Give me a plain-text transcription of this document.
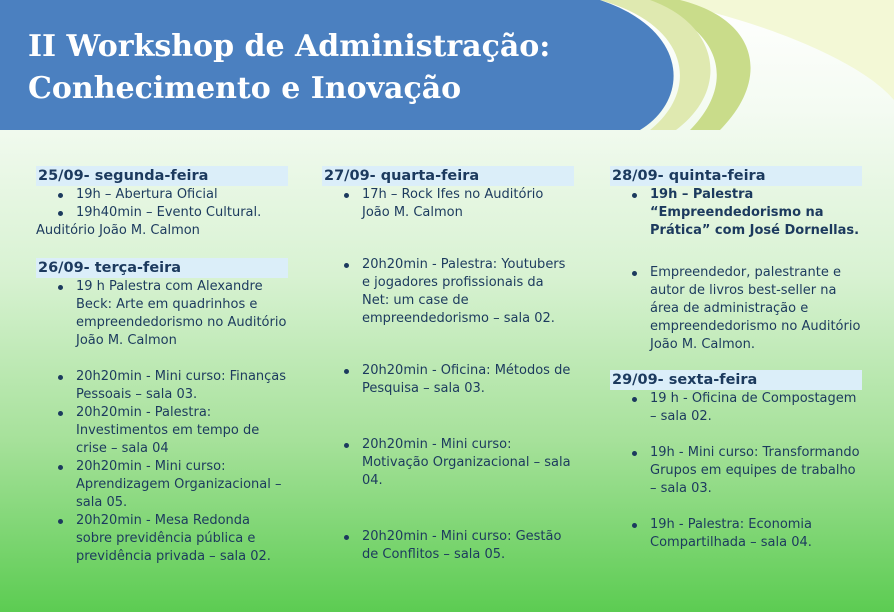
II Workshop de Administração:
Conhecimento e Inovação
25/09- segunda-feira
19h – Abertura Oficial
19h40min – Evento Cultural. Auditório João M. Calmon
26/09- terça-feira
19 h Palestra com Alexandre Beck: Arte em quadrinhos e empreendedorismo no Auditório João M. Calmon
20h20min - Mini curso: Finanças Pessoais – sala 03.
20h20min - Palestra: Investimentos em tempo de crise – sala 04
20h20min - Mini curso: Aprendizagem Organizacional – sala 05.
20h20min - Mesa Redonda sobre previdência pública e previdência privada – sala 02.
27/09- quarta-feira
17h – Rock Ifes no Auditório João M. Calmon
20h20min - Palestra: Youtubers e jogadores profissionais da Net: um case de empreendedorismo – sala 02.
20h20min - Oficina: Métodos de Pesquisa – sala 03.
20h20min - Mini curso: Motivação Organizacional – sala 04.
20h20min - Mini curso: Gestão de Conflitos – sala 05.
28/09- quinta-feira
19h – Palestra “Empreendedorismo na Prática” com José Dornellas.
Empreendedor, palestrante e autor de livros best-seller na área de administração e empreendedorismo no Auditório João M. Calmon.
29/09- sexta-feira
19 h - Oficina de Compostagem – sala 02.
19h - Mini curso: Transformando Grupos em equipes de trabalho – sala 03.
19h - Palestra: Economia Compartilhada – sala 04.
